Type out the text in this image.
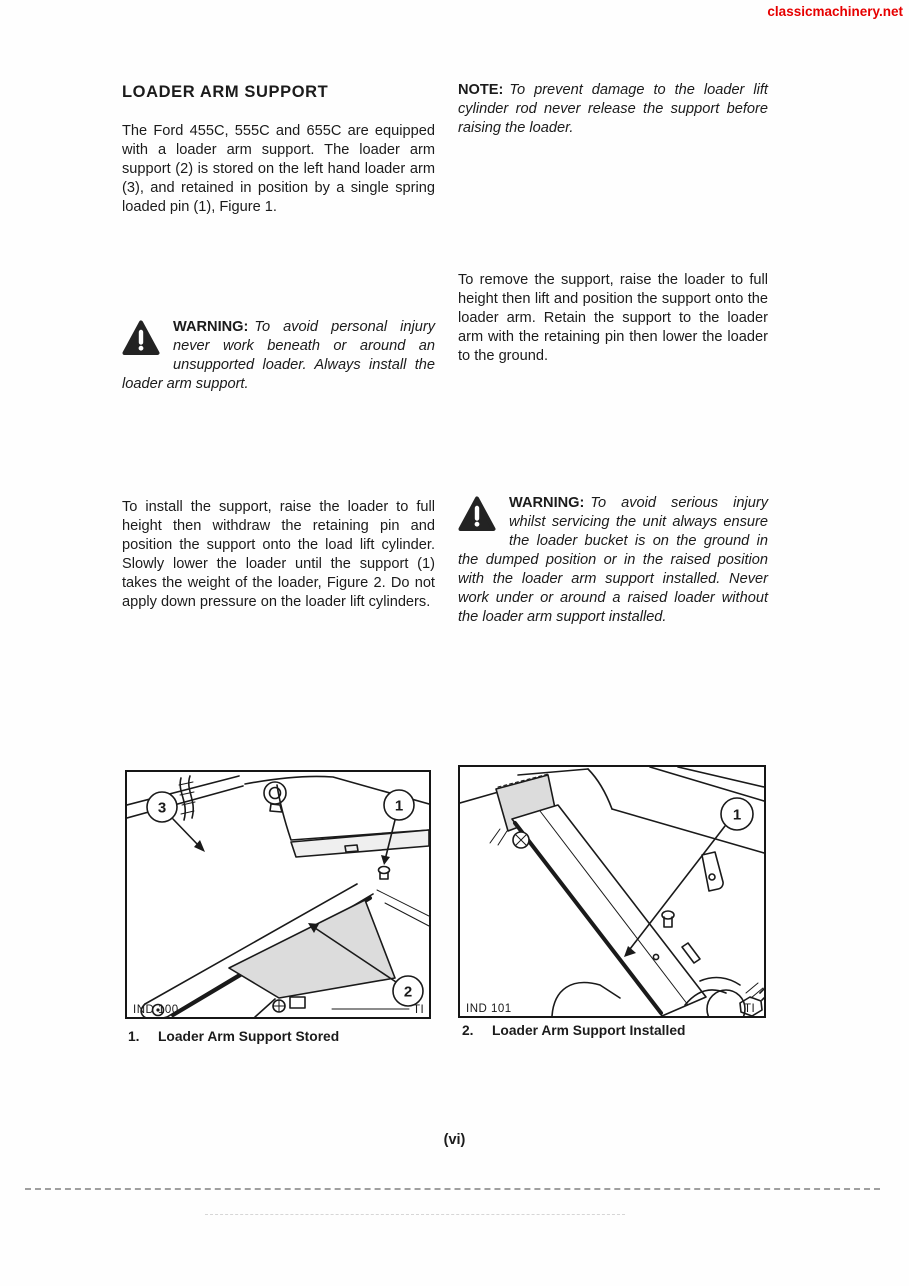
classicmachinery.net
LOADER ARM SUPPORT

The Ford 455C, 555C and 655C are equipped with a loader arm support. The loader arm support (2) is stored on the left hand loader arm (3), and retained in position by a single spring loaded pin (1), Figure 1.

WARNING: To avoid personal injury never work beneath or around an unsupported loader. Always install the loader arm support.

To install the support, raise the loader to full height then withdraw the retaining pin and position the support onto the load lift cylinder. Slowly lower the loader until the support (1) takes the weight of the loader, Figure 2. Do not apply down pressure on the loader lift cylinders.

NOTE: To prevent damage to the loader lift cylinder rod never release the support before raising the loader.

To remove the support, raise the loader to full height then lift and position the support onto the loader arm. Retain the support to the loader arm with the retaining pin then lower the loader to the ground.

WARNING: To avoid serious injury whilst servicing the unit always ensure the loader bucket is on the ground in the dumped position or in the raised position with the loader arm support installed. Never work under or around a raised loader without the loader arm support installed.
3	1
2
IND 100	TI
1. Loader Arm Support Stored
1
IND 101	TI
2. Loader Arm Support Installed
(vi)
